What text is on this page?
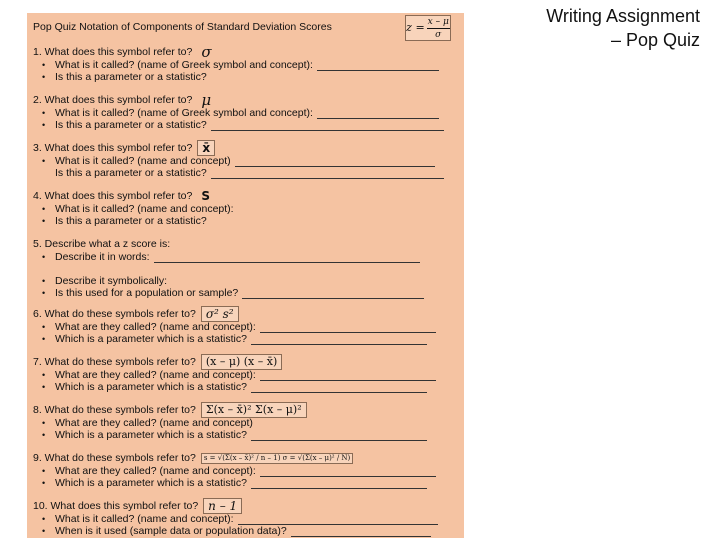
Writing Assignment
– Pop Quiz
Pop Quiz Notation of Components of Standard Deviation Scores	$z = \frac{x - \mu}{\sigma}$
1. What does this symbol refer to? σ
• What is it called? (name of Greek symbol and concept):
• Is this a parameter or a statistic?
2. What does this symbol refer to? μ
• What is it called? (name of Greek symbol and concept):
• Is this a parameter or a statistic?
3. What does this symbol refer to? x̄
• What is it called? (name and concept)
Is this a parameter or a statistic?
4. What does this symbol refer to? S
• What is it called? (name and concept):
• Is this a parameter or a statistic?
5. Describe what a z score is:
• Describe it in words:
• Describe it symbolically:
• Is this used for a population or sample?
6. What do these symbols refer to? σ² s²
• What are they called? (name and concept):
• Which is a parameter which is a statistic?
7. What do these symbols refer to? (x – μ) (x – x̄)
• What are they called? (name and concept):
• Which is a parameter which is a statistic?
8. What do these symbols refer to? Σ(x – x̄)² Σ(x – μ)²
• What are they called? (name and concept)
• Which is a parameter which is a statistic?
9. What do these symbols refer to?	s = √(Σ(x – x̄)² / n – 1) σ = √(Σ(x – μ)² / N)
• What are they called? (name and concept):
• Which is a parameter which is a statistic?
10. What does this symbol refer to? n – 1
• What is it called? (name and concept):
• When is it used (sample data or population data)?
